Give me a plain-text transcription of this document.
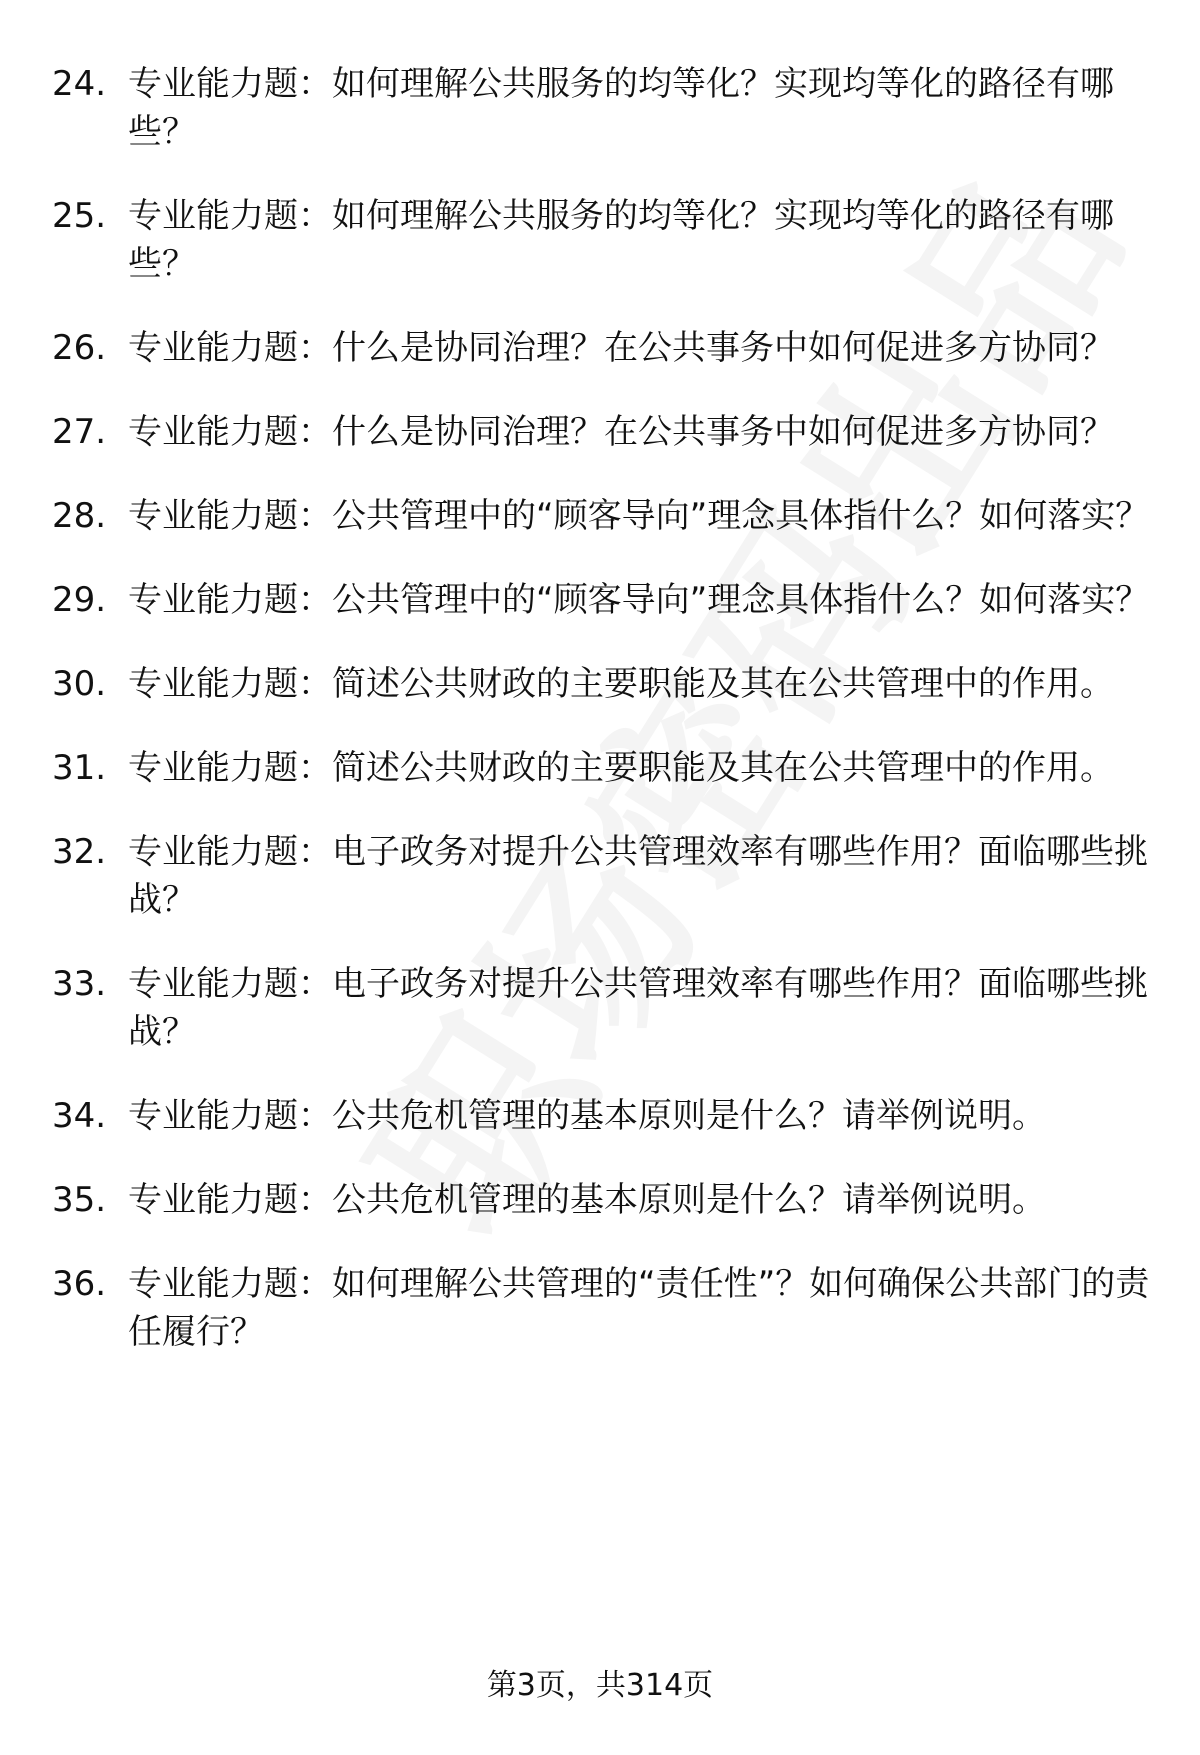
24. 专业能力题：如何理解公共服务的均等化？实现均等化的路径有哪些？
25. 专业能力题：如何理解公共服务的均等化？实现均等化的路径有哪些？
26. 专业能力题：什么是协同治理？在公共事务中如何促进多方协同？
27. 专业能力题：什么是协同治理？在公共事务中如何促进多方协同？
28. 专业能力题：公共管理中的“顾客导向”理念具体指什么？如何落实？
29. 专业能力题：公共管理中的“顾客导向”理念具体指什么？如何落实？
30. 专业能力题：简述公共财政的主要职能及其在公共管理中的作用。
31. 专业能力题：简述公共财政的主要职能及其在公共管理中的作用。
32. 专业能力题：电子政务对提升公共管理效率有哪些作用？面临哪些挑战？
33. 专业能力题：电子政务对提升公共管理效率有哪些作用？面临哪些挑战？
34. 专业能力题：公共危机管理的基本原则是什么？请举例说明。
35. 专业能力题：公共危机管理的基本原则是什么？请举例说明。
36. 专业能力题：如何理解公共管理的“责任性”？如何确保公共部门的责任履行？
第3页，共314页
